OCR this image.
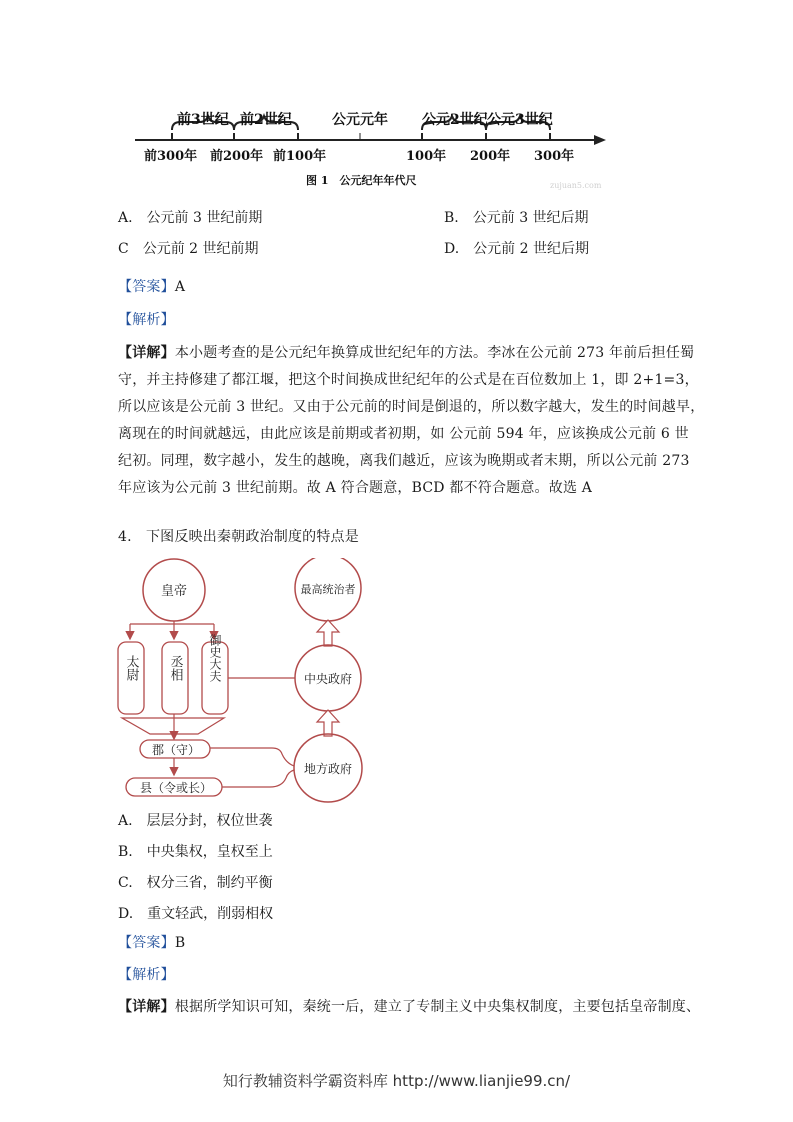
前3世纪 前2世纪	公元元年 公元2世纪 公元3世纪
前300年 前200年 前100年	100年 200年 300年
图 1　公元纪年年代尺	zujuan5.com
A.　公元前 3 世纪前期	B.　公元前 3 世纪后期
C　公元前 2 世纪前期	D.　公元前 2 世纪后期
【答案】A
【解析】
【详解】本小题考查的是公元纪年换算成世纪纪年的方法。李冰在公元前 273 年前后担任蜀
守，并主持修建了都江堰，把这个时间换成世纪纪年的公式是在百位数加上 1，即 2+1=3，
所以应该是公元前 3 世纪。又由于公元前的时间是倒退的，所以数字越大，发生的时间越早，
离现在的时间就越远，由此应该是前期或者初期，如 公元前 594 年，应该换成公元前 6 世
纪初。同理，数字越小，发生的越晚，离我们越近，应该为晚期或者末期，所以公元前 273
年应该为公元前 3 世纪前期。故 A 符合题意，BCD 都不符合题意。故选 A
4.　下图反映出秦朝政治制度的特点是
皇帝
太尉 丞相 御史大夫
郡（守）
县（令或长）
最高统治者
中央政府
地方政府
A.　层层分封，权位世袭
B.　中央集权，皇权至上
C.　权分三省，制约平衡
D.　重文轻武，削弱相权
【答案】B
【解析】
【详解】根据所学知识可知，秦统一后，建立了专制主义中央集权制度，主要包括皇帝制度、
知行教辅资料学霸资料库 http://www.lianjie99.cn/
